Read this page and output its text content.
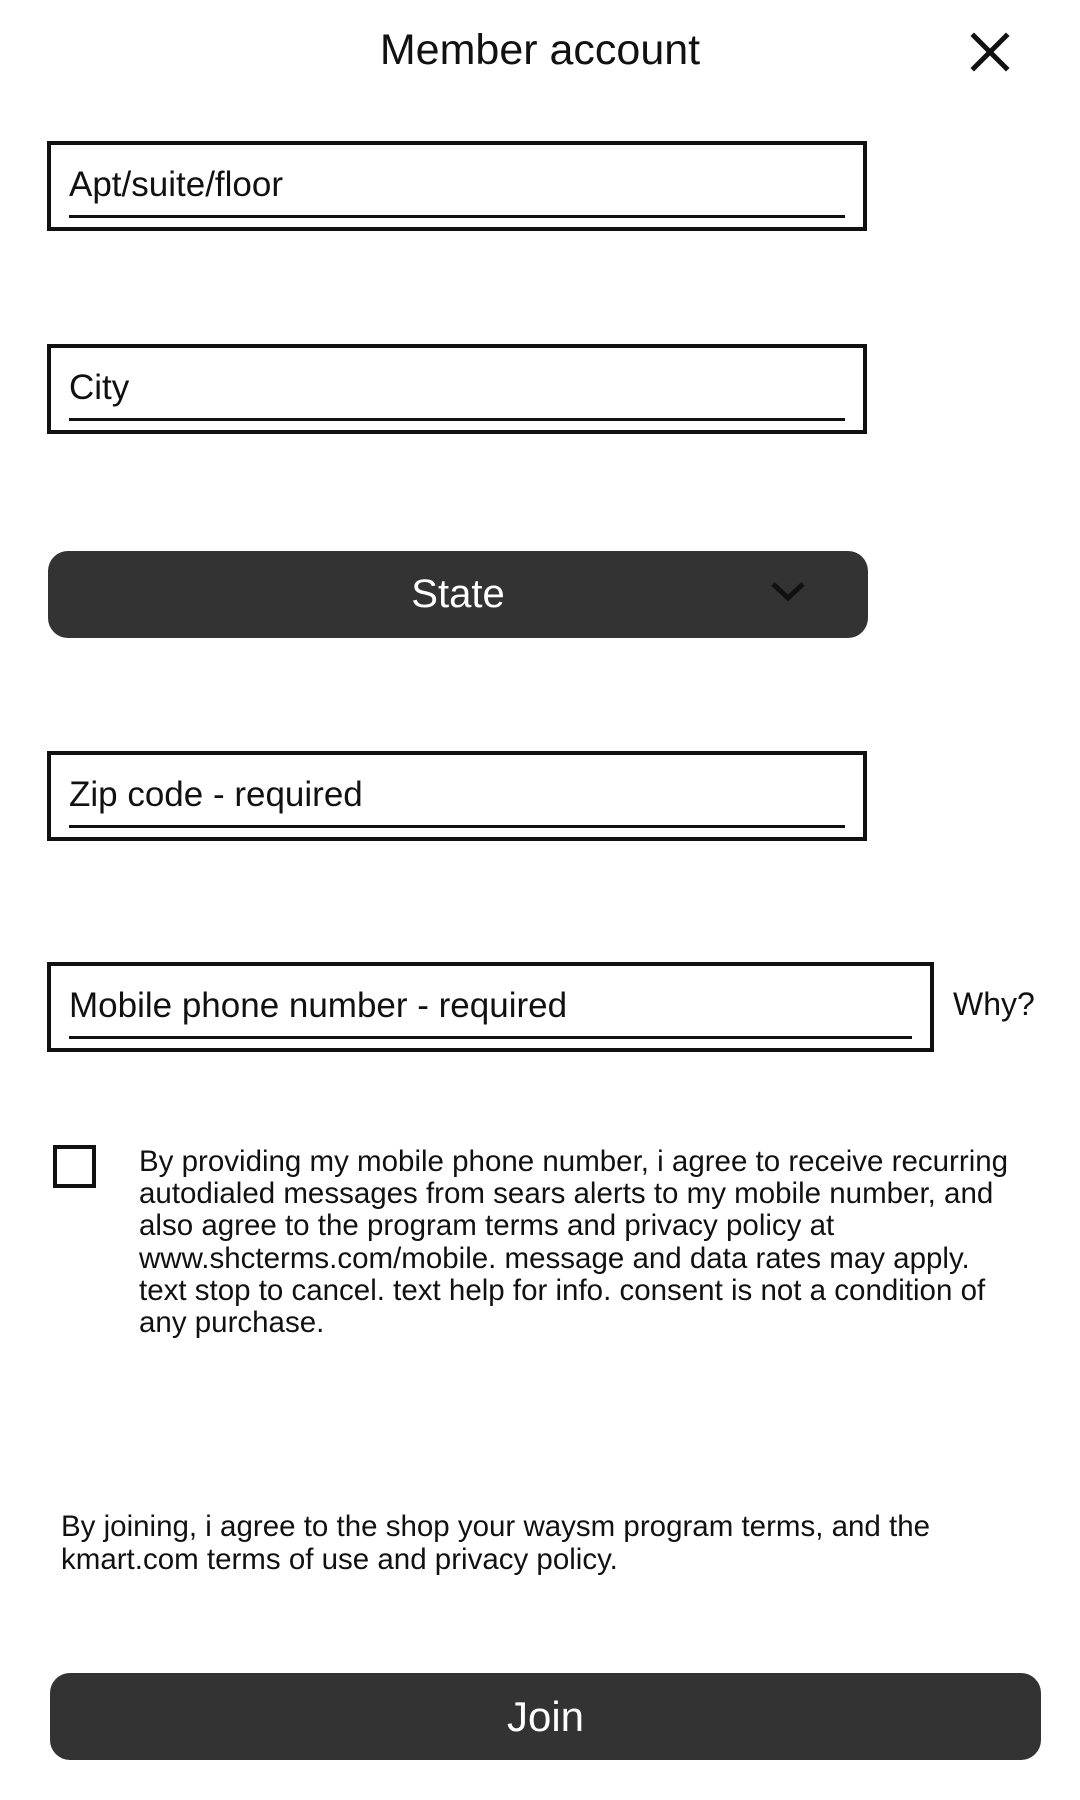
Member account
Apt/suite/floor
City
State
Zip code - required
Mobile phone number - required
Why?
By providing my mobile phone number, i agree to receive recurring
autodialed messages from sears alerts to my mobile number, and
also agree to the program terms and privacy policy at
www.shcterms.com/mobile. message and data rates may apply.
text stop to cancel. text help for info. consent is not a condition of
any purchase.
By joining, i agree to the shop your waysm program terms, and the
kmart.com terms of use and privacy policy.
Join
